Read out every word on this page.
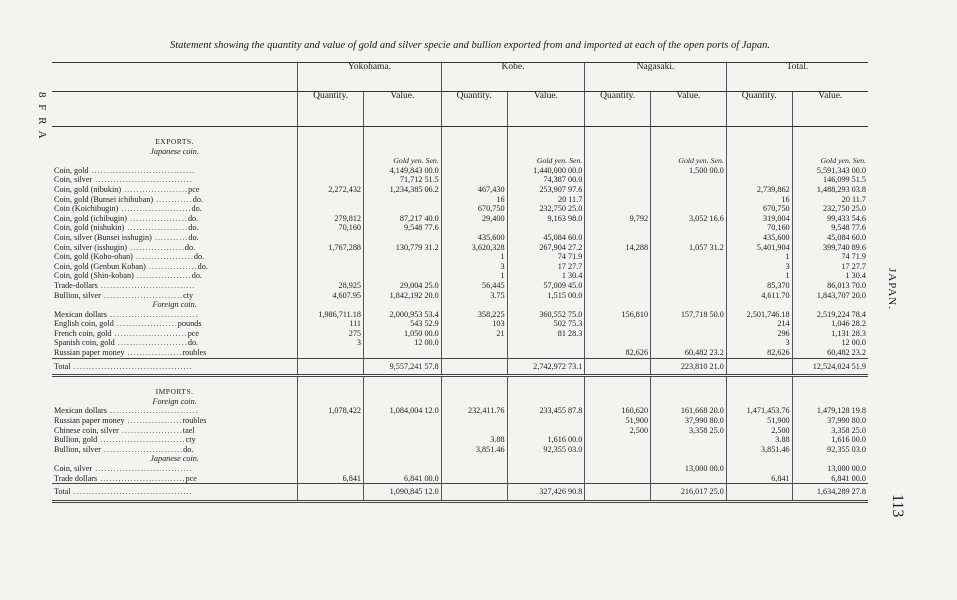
Statement showing the quantity and value of gold and silver specie and bullion exported from and imported at each of the open ports of Japan.
8 F R A
JAPAN.
113
	Yokohama.		Kobe.		Nagasaki.		Total.	
	Quantity.	Value.	Quantity.	Value.	Quantity.	Value.	Quantity.	Value.
EXPORTS.								
Japanese coin.								
		Gold yen. Sen.		Gold yen. Sen.		Gold yen. Sen.		Gold yen. Sen.
Coin, gold ..................................		4,149,843 00.0		1,440,000 00.0		1,500 00.0		5,591,343 00.0
Coin, silver ................................		71,712 51.5		74,387 00.0				146,099 51.5
Coin, gold (nibukin) .....................pce	2,272,432	1,234,385 06.2	467,430	253,907 97.6			2,739,862	1,488,293 03.8
Coin, gold (Bunsei ichibuban) ............do.			16	20 11.7			16	20 11.7
Coin (Koichibugin) .......................do.			670,750	232,750 25.0			670,750	232,750 25.0
Coin, gold (ichibugin) ...................do.	279,812	87,217 40.0	29,400	9,163 98.0	9,792	3,052 16.6	319,004	99,433 54.6
Coin, gold (nishukin) ....................do.	70,160	9,548 77.6					70,160	9,548 77.6
Coin, silver (Bunsei isshugin) ...........do.			435,600	45,084 60.0			435,600	45,084 60.0
Coin, silver (isshugin) ..................do.	1,767,288	130,779 31.2	3,620,328	267,904 27.2	14,288	1,057 31.2	5,401,904	399,740 89.6
Coin, gold (Koho-oban) ...................do.			1	74 71.9			1	74 71.9
Coin, gold (Genbun Koban) ................do.			3	17 27.7			3	17 27.7
Coin, gold (Shin-koban) ..................do.			1	1 30.4			1	1 30.4
Trade-dollars ...............................	28,925	29,004 25.0	56,445	57,009 45.0			85,370	86,013 70.0
Bullion, silver ..........................cty	4,607.95	1,842,192 20.0	3.75	1,515 00.0			4,611.70	1,843,707 20.0
Foreign coin.								
Mexican dollars .............................	1,986,711.18	2,000,953 53.4	358,225	360,552 75.0	156,810	157,718 50.0	2,501,746.18	2,519,224 78.4
English coin, gold ....................pounds	111	543 52.9	103	502 75.3			214	1,046 28.2
French coin, gold ........................pce	275	1,050 00.0	21	81 28.3			296	1,131 28.3
Spanish coin, gold .......................do.	3	12 00.0					3	12 00.0
Russian paper money ..................roubles					82,626	60,482 23.2	82,626	60,482 23.2
Total .......................................		9,557,241 57.8		2,742,972 73.1		223,810 21.0		12,524,024 51.9
IMPORTS.								
Foreign coin.								
Mexican dollars .............................	1,078,422	1,084,004 12.0	232,411.76	233,455 87.8	160,620	161,668 20.0	1,471,453.76	1,479,128 19.8
Russian paper money ..................roubles					51,900	37,990 80.0	51,900	37,990 80.0
Chinese coin, silver ....................tael					2,500	3,358 25.0	2,500	3,358 25.0
Bullion, gold ............................cty			3.88	1,616 00.0			3.88	1,616 00.0
Bullion, silver ..........................do.			3,851.46	92,355 03.0			3,851.46	92,355 03.0
Japanese coin.								
Coin, silver ................................						13,000 00.0		13,000 00.0
Trade dollars ............................pce	6,841	6,841 00.0					6,841	6,841 00.0
Total .......................................		1,090,845 12.0		327,426 90.8		216,017 25.0		1,634,289 27.8
